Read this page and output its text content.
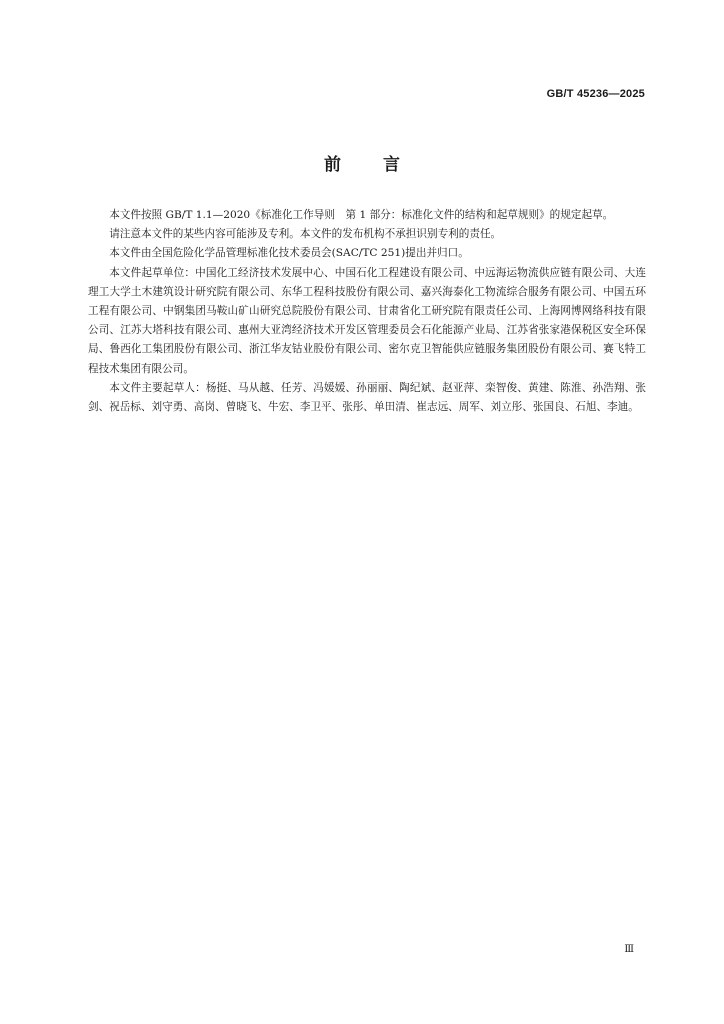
GB/T 45236—2025
前言

本文件按照 GB/T 1.1—2020《标准化工作导则　第 1 部分：标准化文件的结构和起草规则》的规定起草。

请注意本文件的某些内容可能涉及专利。本文件的发布机构不承担识别专利的责任。

本文件由全国危险化学品管理标准化技术委员会(SAC/TC 251)提出并归口。

本文件起草单位：中国化工经济技术发展中心、中国石化工程建设有限公司、中远海运物流供应链有限公司、大连理工大学土木建筑设计研究院有限公司、东华工程科技股份有限公司、嘉兴海泰化工物流综合服务有限公司、中国五环工程有限公司、中钢集团马鞍山矿山研究总院股份有限公司、甘肃省化工研究院有限责任公司、上海网博网络科技有限公司、江苏大塔科技有限公司、惠州大亚湾经济技术开发区管理委员会石化能源产业局、江苏省张家港保税区安全环保局、鲁西化工集团股份有限公司、浙江华友钴业股份有限公司、密尔克卫智能供应链服务集团股份有限公司、赛飞特工程技术集团有限公司。

本文件主要起草人：杨挺、马从越、任芳、冯媛媛、孙丽丽、陶纪斌、赵亚萍、栾智俊、黄建、陈淮、孙浩翔、张剑、祝岳标、刘守勇、高岗、曾晓飞、牛宏、李卫平、张彤、单田清、崔志远、周军、刘立彤、张国良、石旭、李迪。

Ⅲ
